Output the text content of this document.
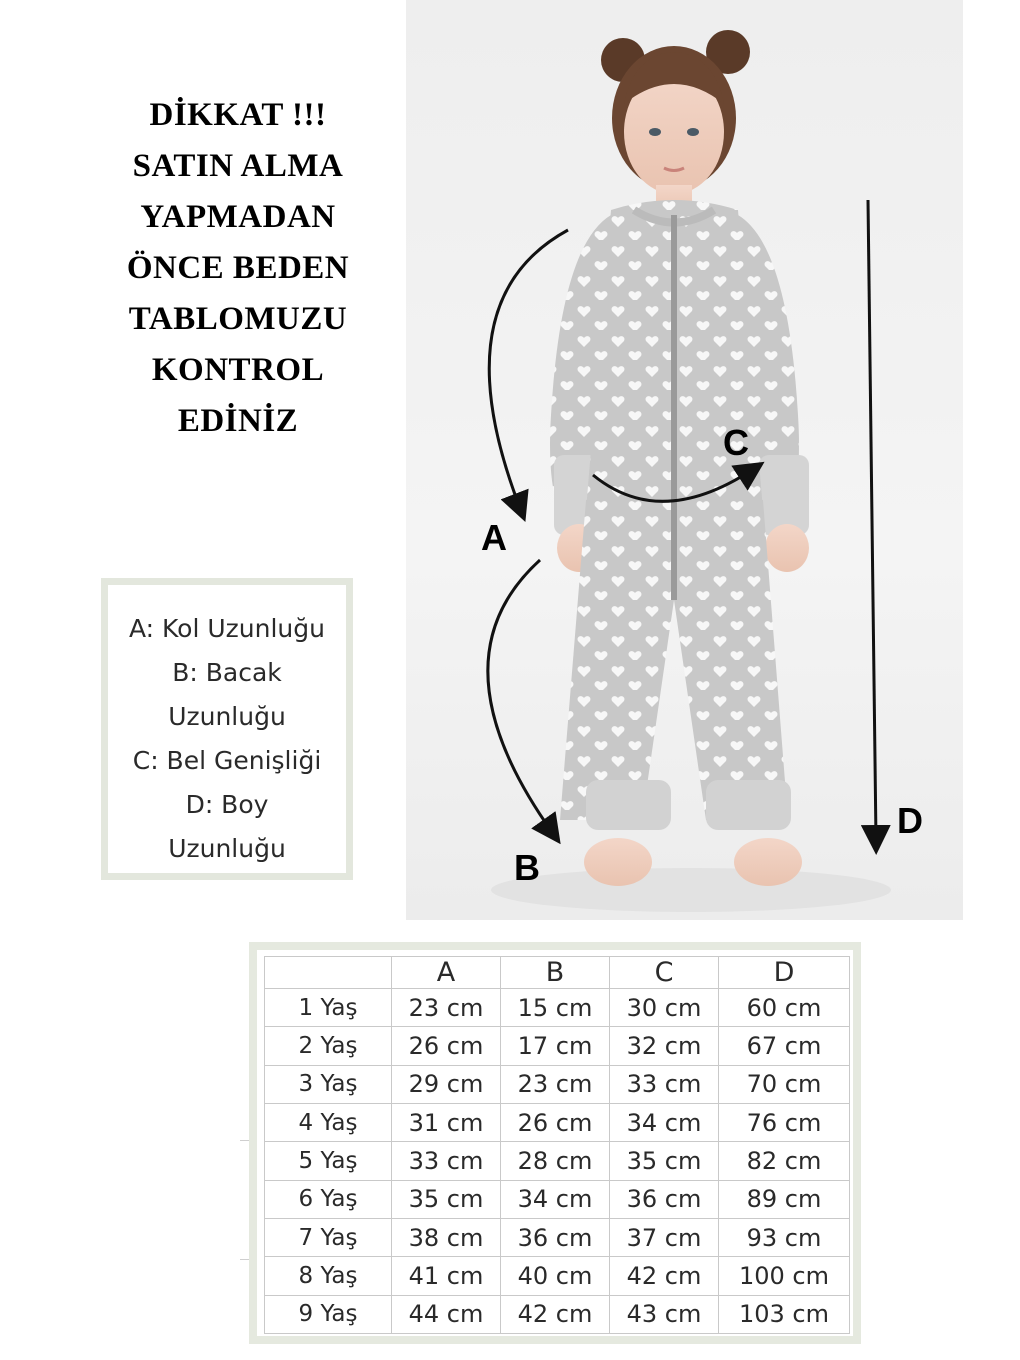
DİKKAT !!!
SATIN ALMA
YAPMADAN
ÖNCE BEDEN
TABLOMUZU
KONTROL
EDİNİZ
A: Kol Uzunluğu
B: Bacak
Uzunluğu
C: Bel Genişliği
D: Boy
Uzunluğu
A
B
C
D
	A	B	C	D
1 Yaş	23 cm	15 cm	30 cm	60 cm
2 Yaş	26 cm	17 cm	32 cm	67 cm
3 Yaş	29 cm	23 cm	33 cm	70 cm
4 Yaş	31 cm	26 cm	34 cm	76 cm
5 Yaş	33 cm	28 cm	35 cm	82 cm
6 Yaş	35 cm	34 cm	36 cm	89 cm
7 Yaş	38 cm	36 cm	37 cm	93 cm
8 Yaş	41 cm	40 cm	42 cm	100 cm
9 Yaş	44 cm	42 cm	43 cm	103 cm
